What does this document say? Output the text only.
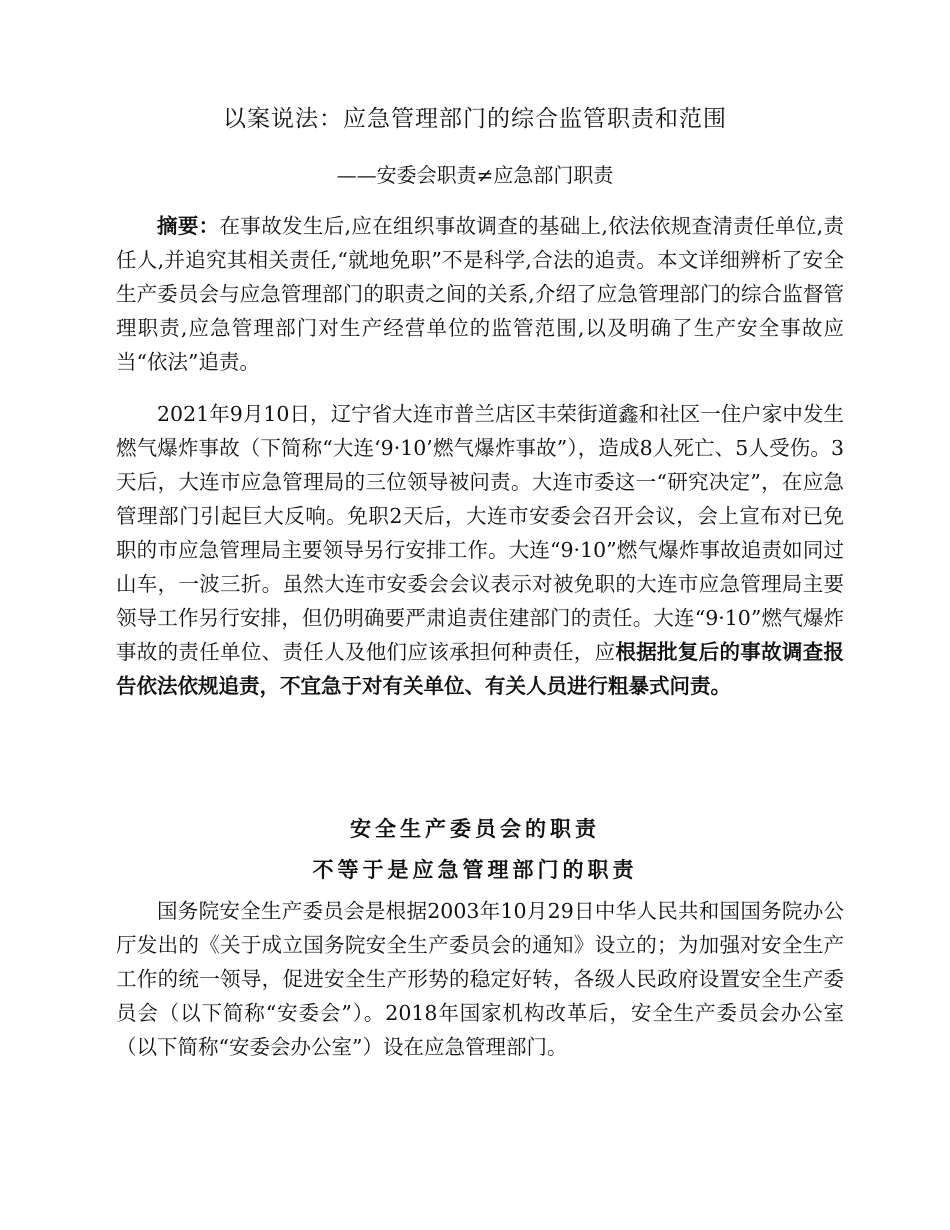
以案说法：应急管理部门的综合监管职责和范围
——安委会职责≠应急部门职责

摘要：在事故发生后,应在组织事故调查的基础上,依法依规查清责任单位,责任人,并追究其相关责任,“就地免职”不是科学,合法的追责。本文详细辨析了安全生产委员会与应急管理部门的职责之间的关系,介绍了应急管理部门的综合监督管理职责,应急管理部门对生产经营单位的监管范围,以及明确了生产安全事故应当“依法”追责。

2021年9月10日，辽宁省大连市普兰店区丰荣街道鑫和社区一住户家中发生燃气爆炸事故（下简称“大连‘9·10’燃气爆炸事故”），造成8人死亡、5人受伤。3天后，大连市应急管理局的三位领导被问责。大连市委这一“研究决定”，在应急管理部门引起巨大反响。免职2天后，大连市安委会召开会议，会上宣布对已免职的市应急管理局主要领导另行安排工作。大连“9·10”燃气爆炸事故追责如同过山车，一波三折。虽然大连市安委会会议表示对被免职的大连市应急管理局主要领导工作另行安排，但仍明确要严肃追责住建部门的责任。大连“9·10”燃气爆炸事故的责任单位、责任人及他们应该承担何种责任，应根据批复后的事故调查报告依法依规追责，不宜急于对有关单位、有关人员进行粗暴式问责。

安全生产委员会的职责
不等于是应急管理部门的职责

国务院安全生产委员会是根据2003年10月29日中华人民共和国国务院办公厅发出的《关于成立国务院安全生产委员会的通知》设立的；为加强对安全生产工作的统一领导，促进安全生产形势的稳定好转，各级人民政府设置安全生产委员会（以下简称“安委会”）。2018年国家机构改革后，安全生产委员会办公室（以下简称“安委会办公室”）设在应急管理部门。
